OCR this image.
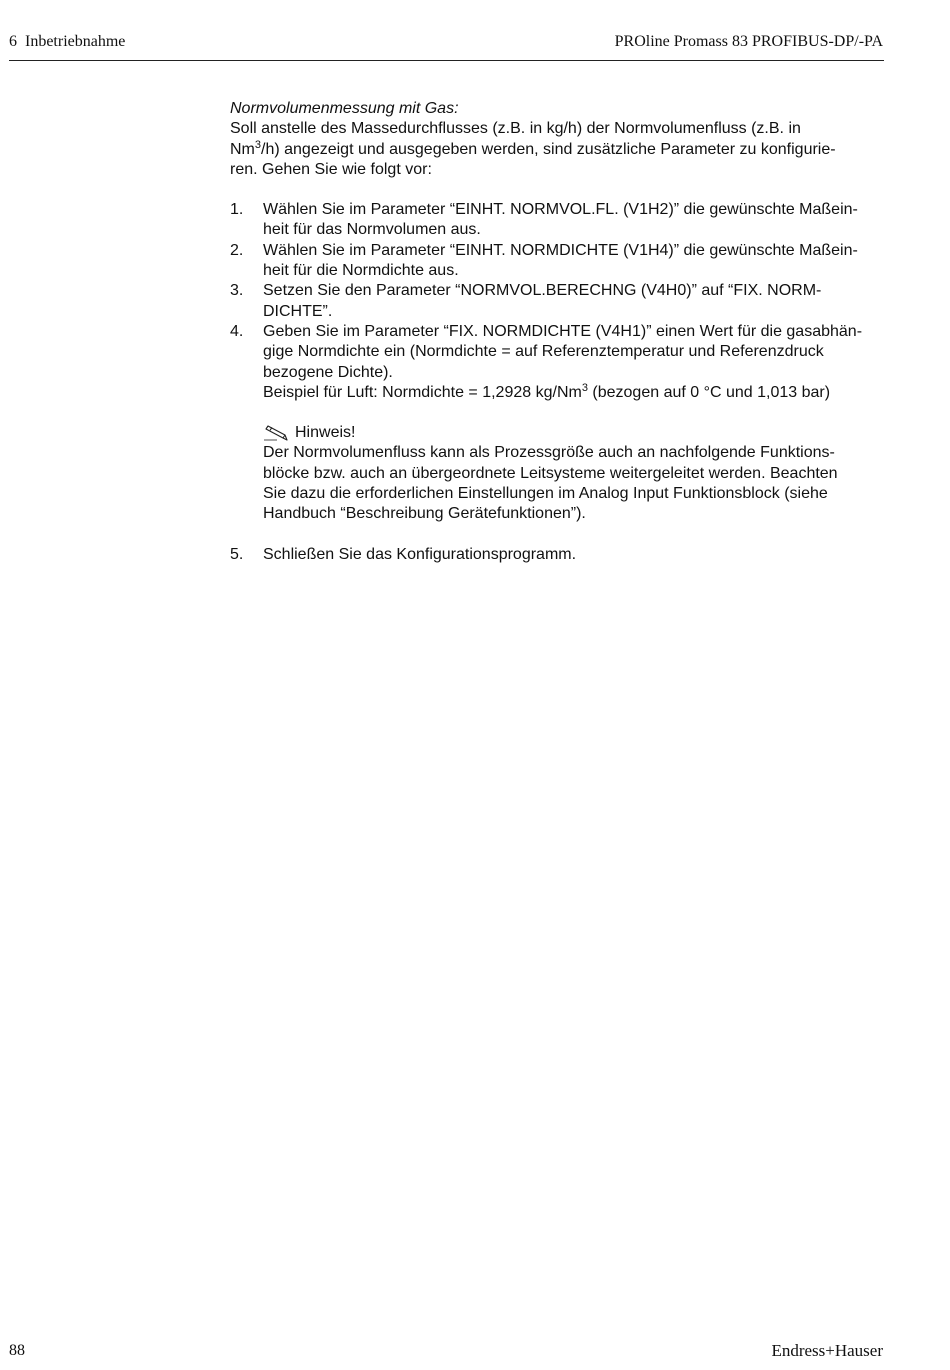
6  Inbetriebnahme	PROline Promass 83 PROFIBUS-DP/-PA

Normvolumenmessung mit Gas:

Soll anstelle des Massedurchflusses (z.B. in kg/h) der Normvolumenfluss (z.B. in
Nm$^3$/h) angezeigt und ausgegeben werden, sind zusätzliche Parameter zu konfigurie-
ren. Gehen Sie wie folgt vor:

1. Wählen Sie im Parameter “EINHT. NORMVOL.FL. (V1H2)” die gewünschte Maßein-
heit für das Normvolumen aus.
2. Wählen Sie im Parameter “EINHT. NORMDICHTE (V1H4)” die gewünschte Maßein-
heit für die Normdichte aus.
3. Setzen Sie den Parameter “NORMVOL.BERECHNG (V4H0)” auf “FIX. NORM-
DICHTE”.
4. Geben Sie im Parameter “FIX. NORMDICHTE (V4H1)” einen Wert für die gasabhän-
gige Normdichte ein (Normdichte = auf Referenztemperatur und Referenzdruck
bezogene Dichte).
Beispiel für Luft: Normdichte = 1,2928 kg/Nm$^3$ (bezogen auf 0 °C und 1,013 bar)
Hinweis!
Der Normvolumenfluss kann als Prozessgröße auch an nachfolgende Funktions-
blöcke bzw. auch an übergeordnete Leitsysteme weitergeleitet werden. Beachten
Sie dazu die erforderlichen Einstellungen im Analog Input Funktionsblock (siehe
Handbuch “Beschreibung Gerätefunktionen”).
5. Schließen Sie das Konfigurationsprogramm.
88	Endress+Hauser
